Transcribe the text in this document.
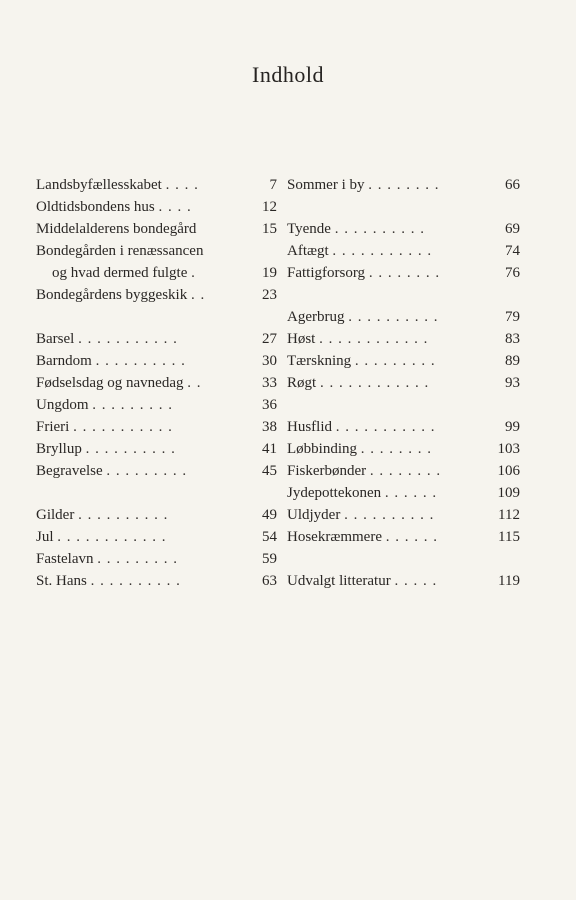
Indhold
Landsbyfællesskabet . . . .	7
Oldtidsbondens hus . . . .	12
Middelalderens bondegård	15
Bondegården i renæssancen
og hvad dermed fulgte .	19
Bondegårdens byggeskik . .	23
Barsel . . . . . . . . . . .	27
Barndom . . . . . . . . . .	30
Fødselsdag og navnedag . .	33
Ungdom . . . . . . . . .	36
Frieri . . . . . . . . . . .	38
Bryllup . . . . . . . . . .	41
Begravelse . . . . . . . . .	45
Gilder . . . . . . . . . .	49
Jul . . . . . . . . . . . .	54
Fastelavn . . . . . . . . .	59
St. Hans . . . . . . . . . .	63
Sommer i by . . . . . . . .	66
Tyende . . . . . . . . . .	69
Aftægt . . . . . . . . . . .	74
Fattigforsorg . . . . . . . .	76
Agerbrug . . . . . . . . . .	79
Høst . . . . . . . . . . . .	83
Tærskning . . . . . . . . .	89
Røgt . . . . . . . . . . . .	93
Husflid . . . . . . . . . . .	99
Løbbinding . . . . . . . .	103
Fiskerbønder . . . . . . . .	106
Jydepottekonen . . . . . .	109
Uldjyder . . . . . . . . . .	112
Hosekræmmere . . . . . .	115
Udvalgt litteratur . . . . .	119
